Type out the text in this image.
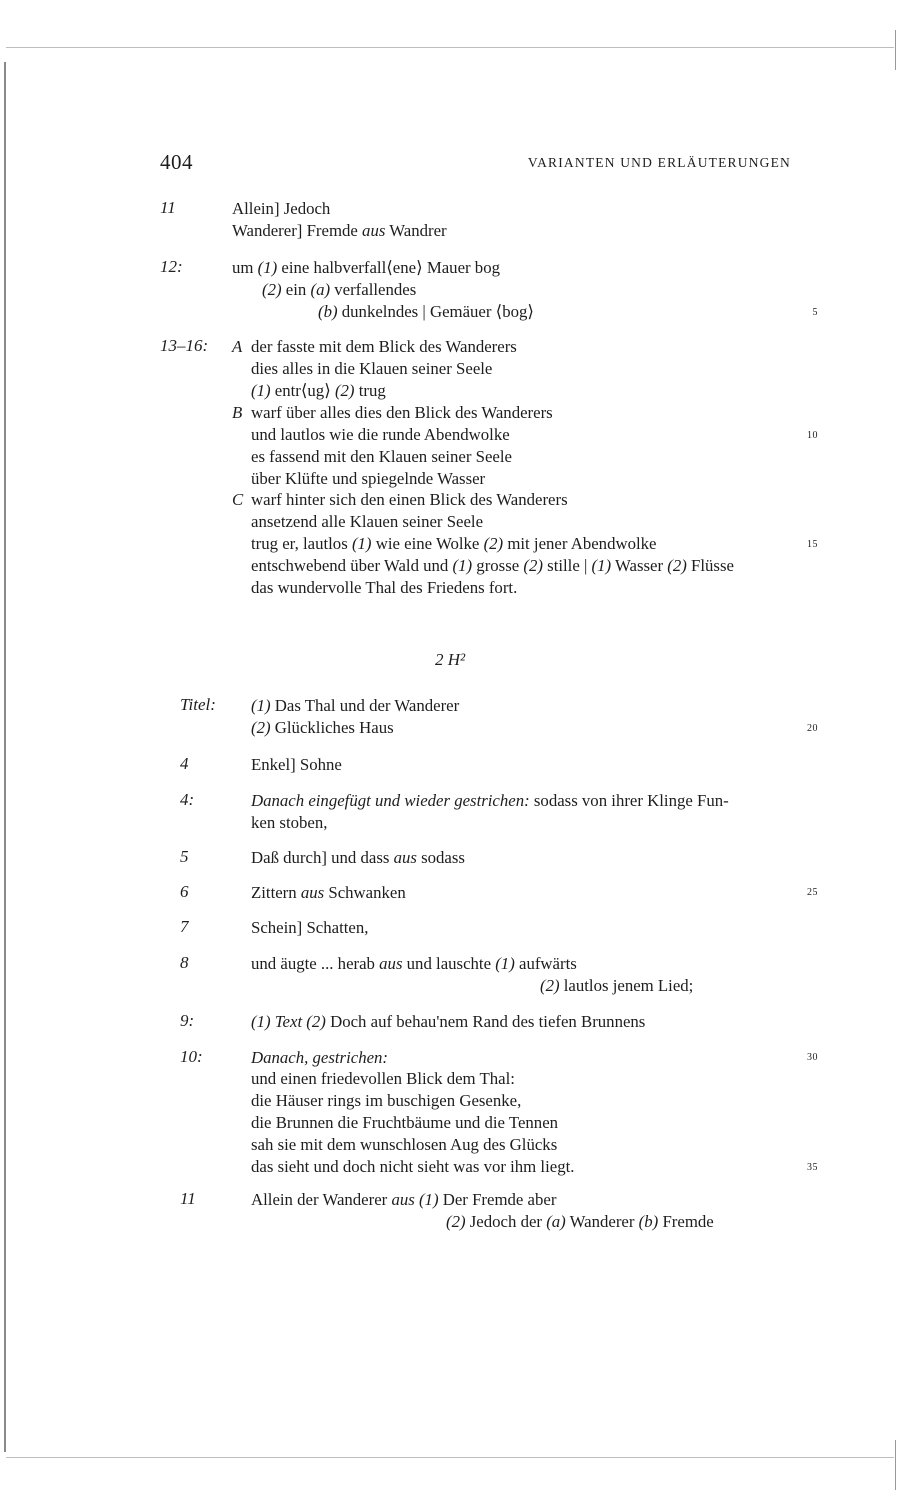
404	VARIANTEN UND ERLÄUTERUNGEN
11	Allein] Jedoch
Wanderer] Fremde aus Wandrer
12:	um (1) eine halbverfall⟨ene⟩ Mauer bog
(2) ein (a) verfallendes
(b) dunkelndes | Gemäuer ⟨bog⟩	5
13–16: A der fasste mit dem Blick des Wanderers
dies alles in die Klauen seiner Seele
(1) entr⟨ug⟩ (2) trug
B warf über alles dies den Blick des Wanderers
und lautlos wie die runde Abendwolke	10
es fassend mit den Klauen seiner Seele
über Klüfte und spiegelnde Wasser
C warf hinter sich den einen Blick des Wanderers
ansetzend alle Klauen seiner Seele
trug er, lautlos (1) wie eine Wolke (2) mit jener Abendwolke	15
entschwebend über Wald und (1) grosse (2) stille | (1) Wasser (2) Flüsse
das wundervolle Thal des Friedens fort.
2 H²
Titel: (1) Das Thal und der Wanderer
(2) Glückliches Haus	20
4	Enkel] Sohne
4:	Danach eingefügt und wieder gestrichen: sodass von ihrer Klinge Fun-
ken stoben,
5	Daß durch] und dass aus sodass
6	Zittern aus Schwanken	25
7	Schein] Schatten,
8	und äugte ... herab aus und lauschte (1) aufwärts
(2) lautlos jenem Lied;
9:	(1) Text (2) Doch auf behau'nem Rand des tiefen Brunnens
10:	Danach, gestrichen:	30
und einen friedevollen Blick dem Thal:
die Häuser rings im buschigen Gesenke,
die Brunnen die Fruchtbäume und die Tennen
sah sie mit dem wunschlosen Aug des Glücks
das sieht und doch nicht sieht was vor ihm liegt.	35
11	Allein der Wanderer aus (1) Der Fremde aber
(2) Jedoch der (a) Wanderer (b) Fremde
